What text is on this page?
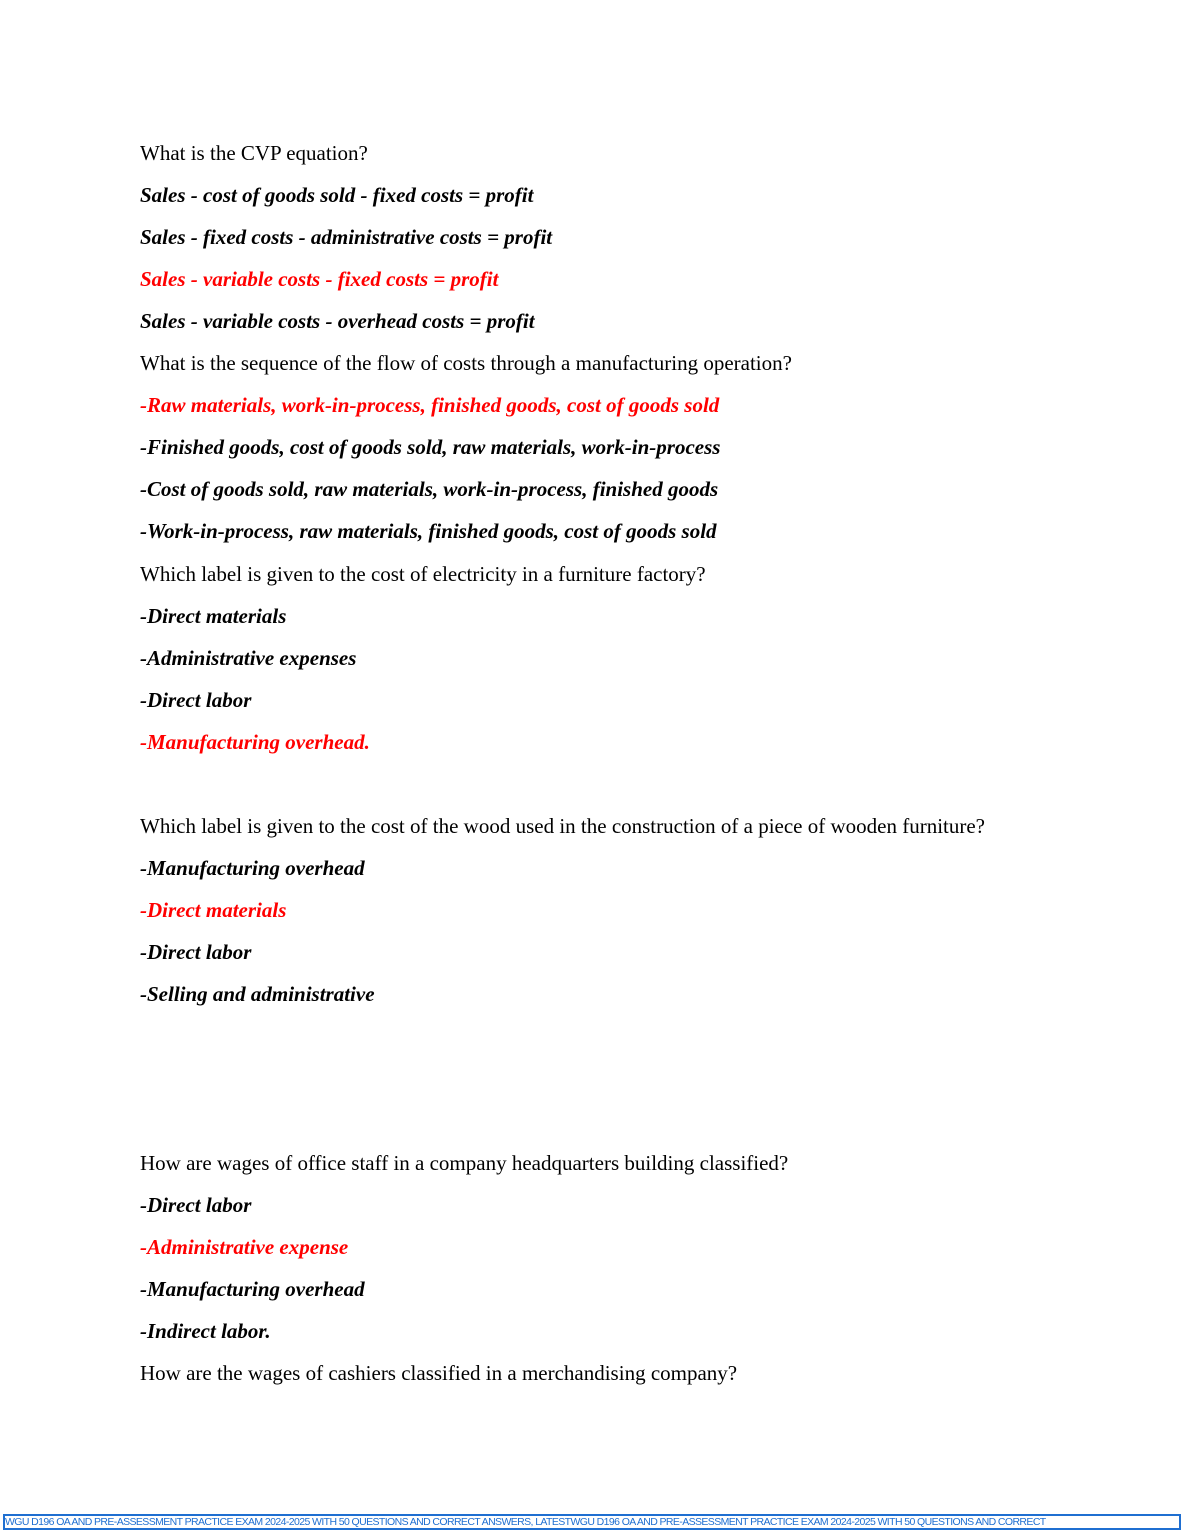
What is the CVP equation?
Sales - cost of goods sold - fixed costs = profit
Sales - fixed costs - administrative costs = profit
Sales - variable costs - fixed costs = profit
Sales - variable costs - overhead costs = profit
What is the sequence of the flow of costs through a manufacturing operation?
-Raw materials, work-in-process, finished goods, cost of goods sold
-Finished goods, cost of goods sold, raw materials, work-in-process
-Cost of goods sold, raw materials, work-in-process, finished goods
-Work-in-process, raw materials, finished goods, cost of goods sold
Which label is given to the cost of electricity in a furniture factory?
-Direct materials
-Administrative expenses
-Direct labor
-Manufacturing overhead.
Which label is given to the cost of the wood used in the construction of a piece of wooden furniture?
-Manufacturing overhead
-Direct materials
-Direct labor
-Selling and administrative
How are wages of office staff in a company headquarters building classified?
-Direct labor
-Administrative expense
-Manufacturing overhead
-Indirect labor.
How are the wages of cashiers classified in a merchandising company?
WGU D196 OA AND PRE-ASSESSMENT PRACTICE EXAM 2024-2025 WITH 50 QUESTIONS AND CORRECT ANSWERS, LATESTWGU D196 OA AND PRE-ASSESSMENT PRACTICE EXAM 2024-2025 WITH 50 QUESTIONS AND CORRECT
